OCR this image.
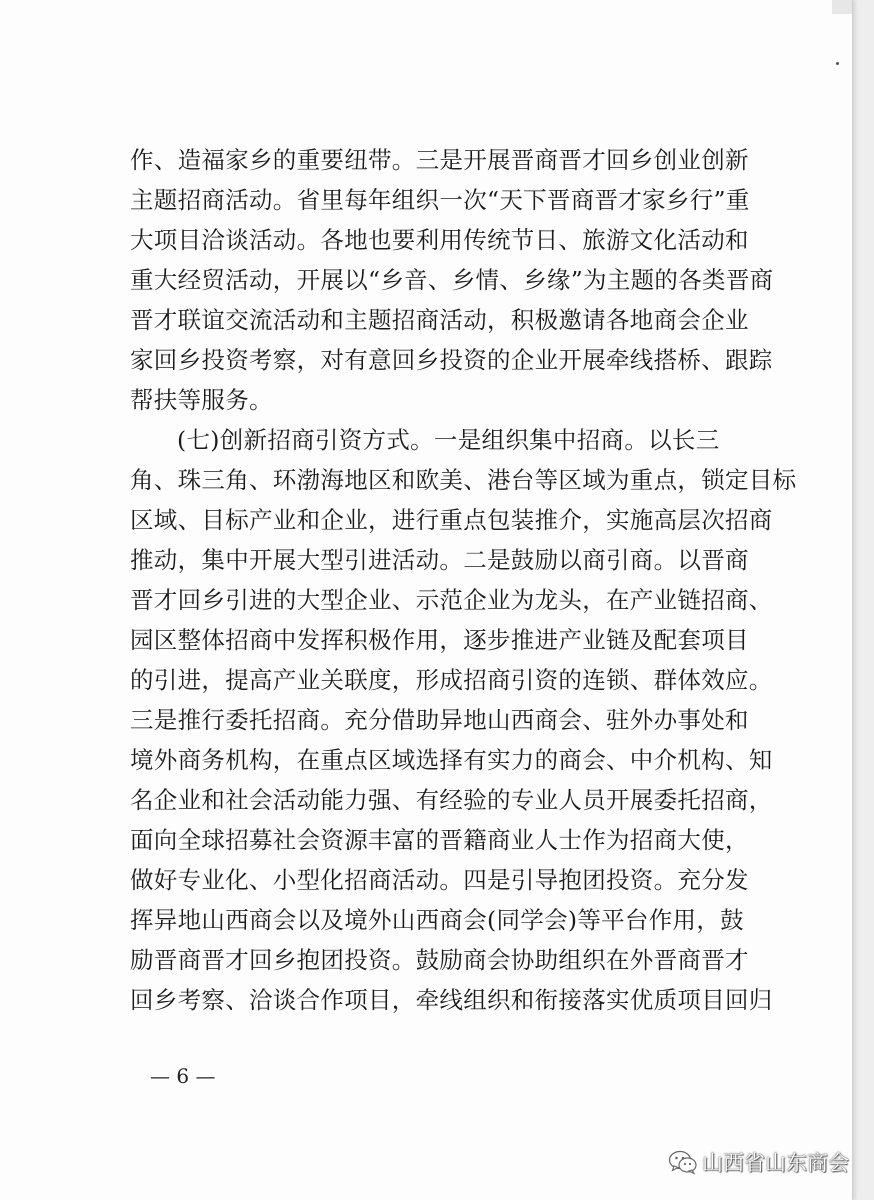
作、造福家乡的重要纽带。三是开展晋商晋才回乡创业创新
主题招商活动。省里每年组织一次“天下晋商晋才家乡行”重
大项目洽谈活动。各地也要利用传统节日、旅游文化活动和
重大经贸活动，开展以“乡音、乡情、乡缘”为主题的各类晋商
晋才联谊交流活动和主题招商活动，积极邀请各地商会企业
家回乡投资考察，对有意回乡投资的企业开展牵线搭桥、跟踪
帮扶等服务。
(七)创新招商引资方式。一是组织集中招商。以长三
角、珠三角、环渤海地区和欧美、港台等区域为重点，锁定目标
区域、目标产业和企业，进行重点包装推介，实施高层次招商
推动，集中开展大型引进活动。二是鼓励以商引商。以晋商
晋才回乡引进的大型企业、示范企业为龙头，在产业链招商、
园区整体招商中发挥积极作用，逐步推进产业链及配套项目
的引进，提高产业关联度，形成招商引资的连锁、群体效应。
三是推行委托招商。充分借助异地山西商会、驻外办事处和
境外商务机构，在重点区域选择有实力的商会、中介机构、知
名企业和社会活动能力强、有经验的专业人员开展委托招商，
面向全球招募社会资源丰富的晋籍商业人士作为招商大使，
做好专业化、小型化招商活动。四是引导抱团投资。充分发
挥异地山西商会以及境外山西商会(同学会)等平台作用，鼓
励晋商晋才回乡抱团投资。鼓励商会协助组织在外晋商晋才
回乡考察、洽谈合作项目，牵线组织和衔接落实优质项目回归
— 6 —
山西省山东商会
